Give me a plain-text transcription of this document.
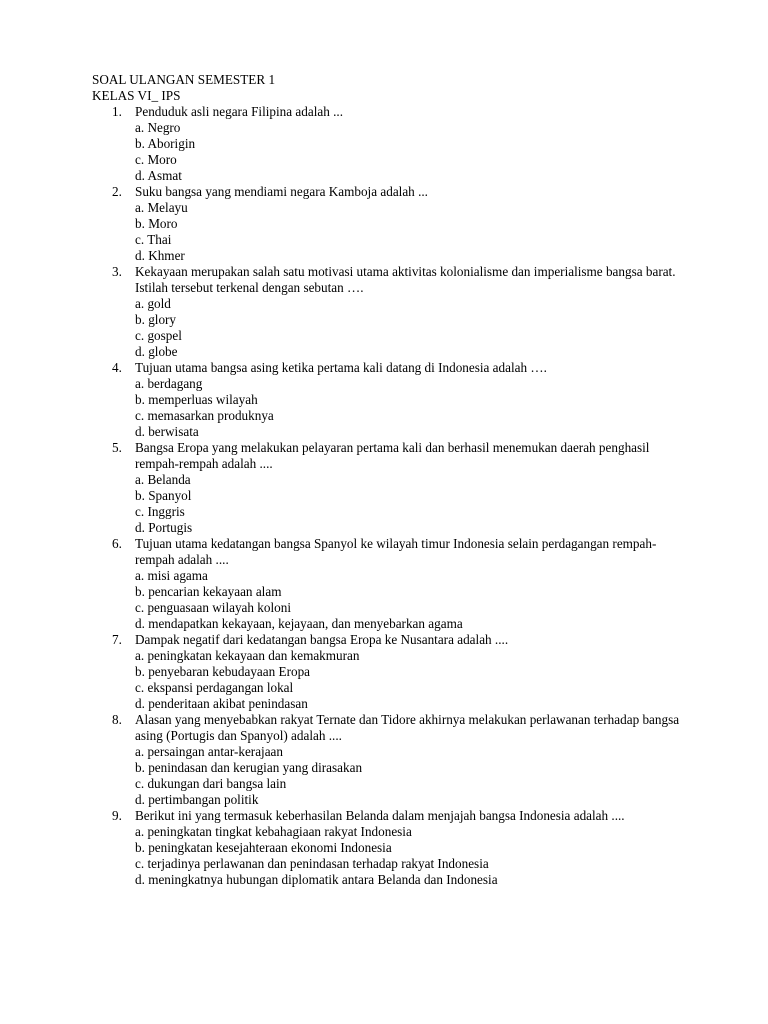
SOAL ULANGAN SEMESTER 1

KELAS VI_ IPS

1. Penduduk asli negara Filipina adalah ...
a. Negro
b. Aborigin
c. Moro
d. Asmat
2. Suku bangsa yang mendiami negara Kamboja adalah ...
a. Melayu
b. Moro
c. Thai
d. Khmer
3. Kekayaan merupakan salah satu motivasi utama aktivitas kolonialisme dan imperialisme bangsa barat. Istilah tersebut terkenal dengan sebutan ….
a. gold
b. glory
c. gospel
d. globe
4. Tujuan utama bangsa asing ketika pertama kali datang di Indonesia adalah ….
a. berdagang
b. memperluas wilayah
c. memasarkan produknya
d. berwisata
5. Bangsa Eropa yang melakukan pelayaran pertama kali dan berhasil menemukan daerah penghasil rempah-rempah adalah ....
a. Belanda
b. Spanyol
c. Inggris
d. Portugis
6. Tujuan utama kedatangan bangsa Spanyol ke wilayah timur Indonesia selain perdagangan rempah-rempah adalah ....
a. misi agama
b. pencarian kekayaan alam
c. penguasaan wilayah koloni
d. mendapatkan kekayaan, kejayaan, dan menyebarkan agama
7. Dampak negatif dari kedatangan bangsa Eropa ke Nusantara adalah ....
a. peningkatan kekayaan dan kemakmuran
b. penyebaran kebudayaan Eropa
c. ekspansi perdagangan lokal
d. penderitaan akibat penindasan
8. Alasan yang menyebabkan rakyat Ternate dan Tidore akhirnya melakukan perlawanan terhadap bangsa asing (Portugis dan Spanyol) adalah ....
a. persaingan antar-kerajaan
b. penindasan dan kerugian yang dirasakan
c. dukungan dari bangsa lain
d. pertimbangan politik
9. Berikut ini yang termasuk keberhasilan Belanda dalam menjajah bangsa Indonesia adalah ....
a. peningkatan tingkat kebahagiaan rakyat Indonesia
b. peningkatan kesejahteraan ekonomi Indonesia
c. terjadinya perlawanan dan penindasan terhadap rakyat Indonesia
d. meningkatnya hubungan diplomatik antara Belanda dan Indonesia
